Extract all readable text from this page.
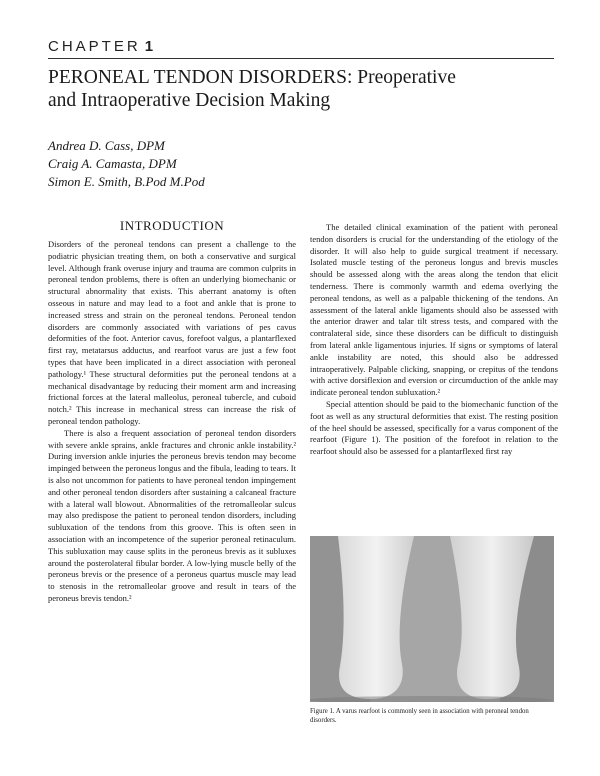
CHAPTER 1
PERONEAL TENDON DISORDERS: Preoperative
and Intraoperative Decision Making
Andrea D. Cass, DPM
Craig A. Camasta, DPM
Simon E. Smith, B.Pod M.Pod
INTRODUCTION

Disorders of the peroneal tendons can present a challenge to the podiatric physician treating them, on both a conservative and surgical level. Although frank overuse injury and trauma are common culprits in peroneal tendon problems, there is often an underlying biomechanic or structural abnormality that exists. This aberrant anatomy is often osseous in nature and may lead to a foot and ankle that is prone to increased stress and strain on the peroneal tendons. Peroneal tendon disorders are commonly associated with variations of pes cavus deformities of the foot. Anterior cavus, forefoot valgus, a plantarflexed first ray, metatarsus adductus, and rearfoot varus are just a few foot types that have been implicated in a direct association with peroneal pathology.¹ These structural deformities put the peroneal tendons at a mechanical disadvantage by reducing their moment arm and increasing frictional forces at the lateral malleolus, peroneal tubercle, and cuboid notch.² This increase in mechanical stress can increase the risk of peroneal tendon pathology.

There is also a frequent association of peroneal tendon disorders with severe ankle sprains, ankle fractures and chronic ankle instability.² During inversion ankle injuries the peroneus brevis tendon may become impinged between the peroneus longus and the fibula, leading to tears. It is also not uncommon for patients to have peroneal tendon impingement and other peroneal tendon disorders after sustaining a calcaneal fracture with a lateral wall blowout. Abnormalities of the retromalleolar sulcus may also predispose the patient to peroneal tendon disorders, including subluxation of the tendons from this groove. This is often seen in association with an incompetence of the superior peroneal retinaculum. This subluxation may cause splits in the peroneus brevis as it subluxes around the posterolateral fibular border. A low-lying muscle belly of the peroneus brevis or the presence of a peroneus quartus muscle may lead to stenosis in the retromalleolar groove and result in tears of the peroneus brevis tendon.²

The detailed clinical examination of the patient with peroneal tendon disorders is crucial for the understanding of the etiology of the disorder. It will also help to guide surgical treatment if necessary. Isolated muscle testing of the peroneus longus and brevis muscles should be assessed along with the areas along the tendon that elicit tenderness. There is commonly warmth and edema overlying the peroneal tendons, as well as a palpable thickening of the tendons. An assessment of the lateral ankle ligaments should also be assessed with the anterior drawer and talar tilt stress tests, and compared with the contralateral side, since these disorders can be difficult to distinguish from lateral ankle ligamentous injuries. If signs or symptoms of lateral ankle instability are noted, this should also be addressed intraoperatively. Palpable clicking, snapping, or crepitus of the tendons with active dorsiflexion and eversion or circumduction of the ankle may indicate peroneal tendon subluxation.²

Special attention should be paid to the biomechanic function of the foot as well as any structural deformities that exist. The resting position of the heel should be assessed, specifically for a varus component of the rearfoot (Figure 1). The position of the forefoot in relation to the rearfoot should also be assessed for a plantarflexed first ray

Figure 1. A varus rearfoot is commonly seen in association with peroneal tendon disorders.
